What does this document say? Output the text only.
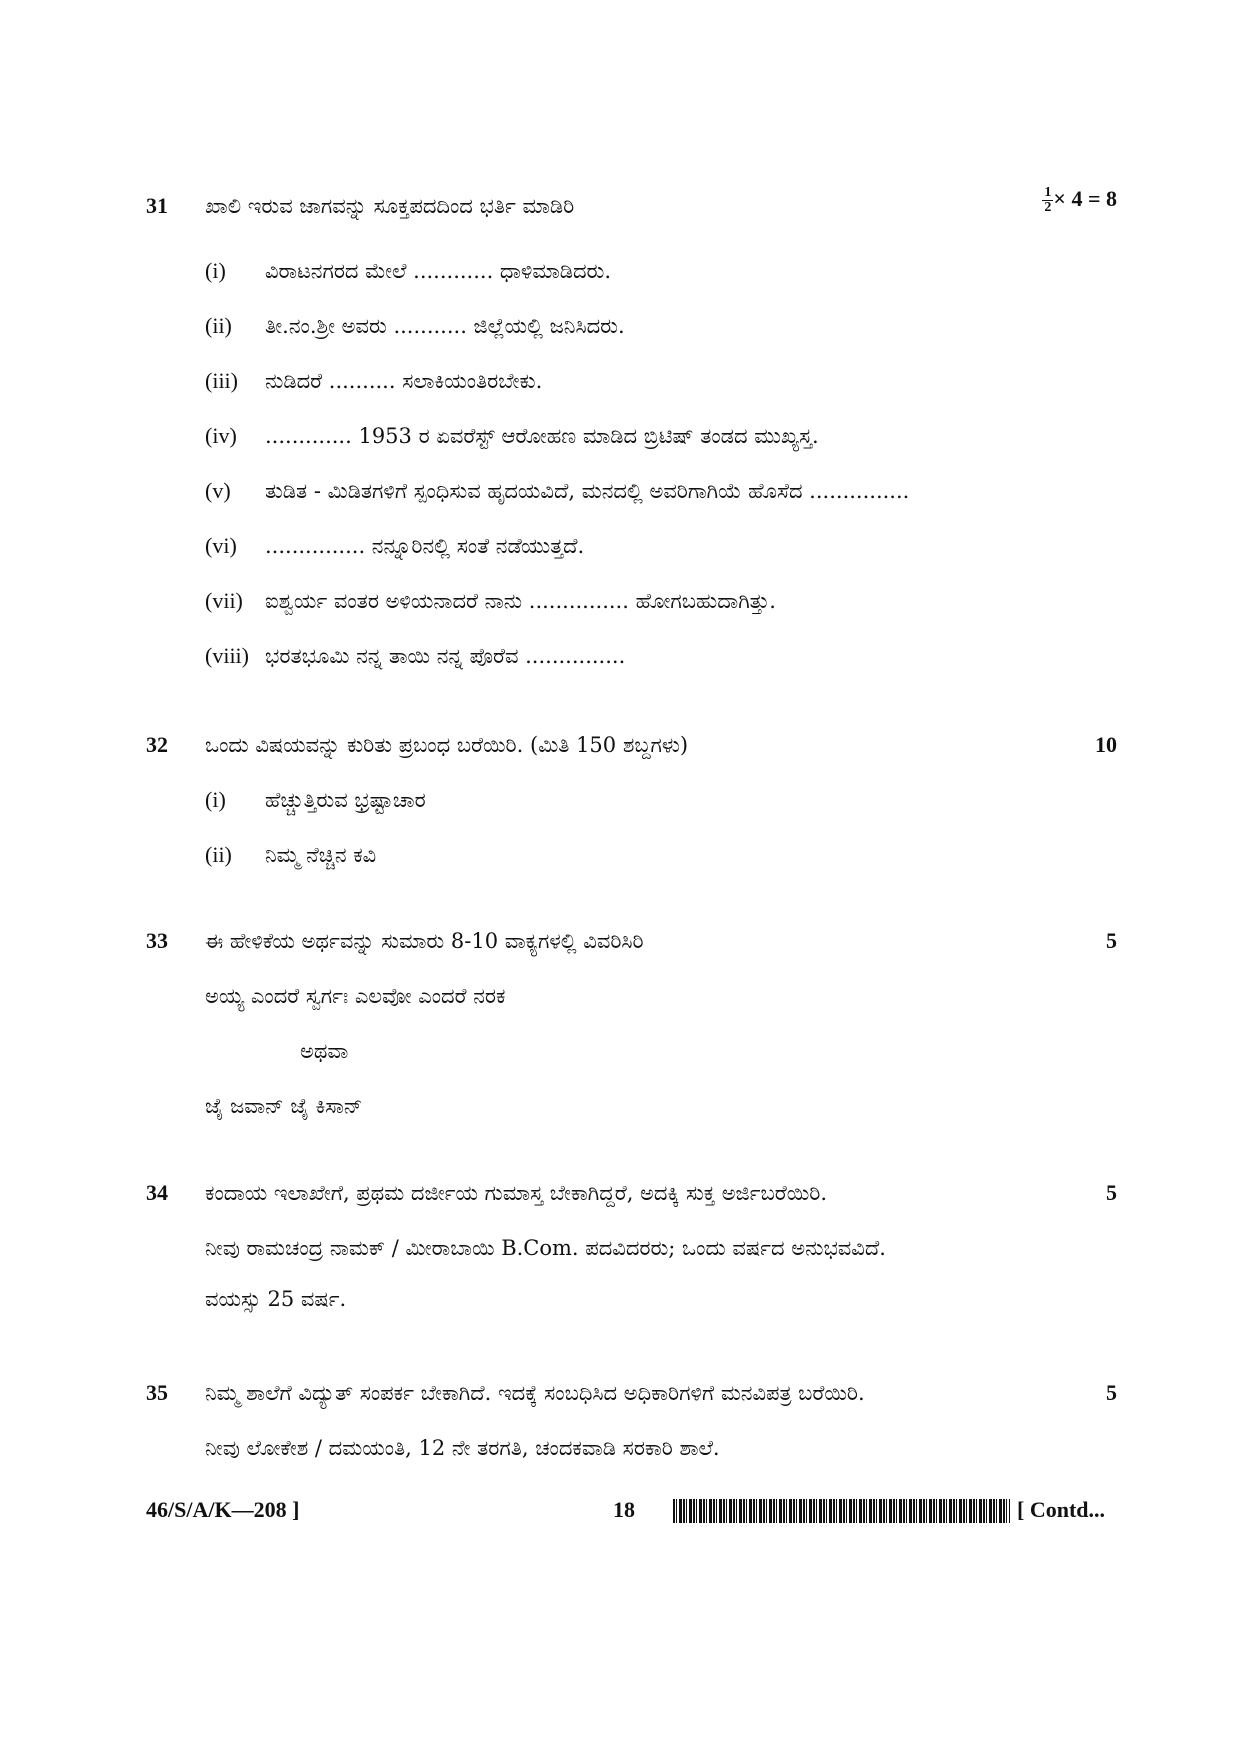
31 ಖಾಲಿ ಇರುವ ಜಾಗವನ್ನು ಸೂಕ್ತಪದದಿಂದ ಭರ್ತಿ ಮಾಡಿರಿ	$\frac{1}{2} \times 4 = 8$
(i) ವಿರಾಟನಗರದ ಮೇಲೆ ............ ಧಾಳಿಮಾಡಿದರು.
(ii) ತೀ.ನಂ.ಶ್ರೀ ಅವರು ........... ಜಿಲ್ಲೆಯಲ್ಲಿ ಜನಿಸಿದರು.
(iii) ನುಡಿದರೆ .......... ಸಲಾಕಿಯಂತಿರಬೇಕು.
(iv) ............. 1953 ರ ಏವರೆಸ್ಟ್ ಆರೋಹಣ ಮಾಡಿದ ಬ್ರಿಟಿಷ್ ತಂಡದ ಮುಖ್ಯಸ್ತ.
(v) ತುಡಿತ - ಮಿಡಿತಗಳಿಗೆ ಸ್ಪಂಧಿಸುವ ಹೃದಯವಿದೆ, ಮನದಲ್ಲಿ ಅವರಿಗಾಗಿಯೆ ಹೊಸೆದ ...............
(vi) ............... ನನ್ನೂರಿನಲ್ಲಿ ಸಂತೆ ನಡೆಯುತ್ತದೆ.
(vii) ಐಶ್ವರ್ಯ ವಂತರ ಅಳಿಯನಾದರೆ ನಾನು ............... ಹೋಗಬಹುದಾಗಿತ್ತು.
(viii) ಭರತಭೂಮಿ ನನ್ನ ತಾಯಿ ನನ್ನ ಪೊರೆವ ...............
32 ಒಂದು ವಿಷಯವನ್ನು ಕುರಿತು ಪ್ರಬಂಧ ಬರೆಯಿರಿ. (ಮಿತಿ 150 ಶಬ್ದಗಳು)	10
(i) ಹೆಚ್ಚುತ್ತಿರುವ ಭ್ರಷ್ಟಾಚಾರ
(ii) ನಿಮ್ಮ ನೆಚ್ಚಿನ ಕವಿ
33 ಈ ಹೇಳಿಕೆಯ ಅರ್ಥವನ್ನು ಸುಮಾರು 8-10 ವಾಕ್ಯಗಳಲ್ಲಿ ವಿವರಿಸಿರಿ	5
ಅಯ್ಯ ಎಂದರೆ ಸ್ವರ್ಗಃ ಎಲವೋ ಎಂದರೆ ನರಕ
ಅಥವಾ
ಜೈ ಜವಾನ್ ಜೈ ಕಿಸಾನ್
34 ಕಂದಾಯ ಇಲಾಖೇಗೆ, ಪ್ರಥಮ ದರ್ಜೀಯ ಗುಮಾಸ್ತ ಬೇಕಾಗಿದ್ದರೆ, ಅದಕ್ಕಿ ಸುಕ್ತ ಅರ್ಜಿಬರೆಯಿರಿ.	5
ನೀವು ರಾಮಚಂದ್ರ ನಾಮಕ್ / ಮೀರಾಬಾಯಿ B.Com. ಪದವಿದರರು; ಒಂದು ವರ್ಷದ ಅನುಭವವಿದೆ.
ವಯಸ್ಸು 25 ವರ್ಷ.
35 ನಿಮ್ಮ ಶಾಲೆಗೆ ವಿದ್ಯುತ್ ಸಂಪರ್ಕ ಬೇಕಾಗಿದೆ. ಇದಕ್ಕೆ ಸಂಬಧಿಸಿದ ಅಧಿಕಾರಿಗಳಿಗೆ ಮನವಿಪತ್ರ ಬರೆಯಿರಿ.	5
ನೀವು ಲೋಕೇಶ / ದಮಯಂತಿ, 12 ನೇ ತರಗತಿ, ಚಂದಕವಾಡಿ ಸರಕಾರಿ ಶಾಲೆ.
46/S/A/K—208 ]	18	[ Contd...
